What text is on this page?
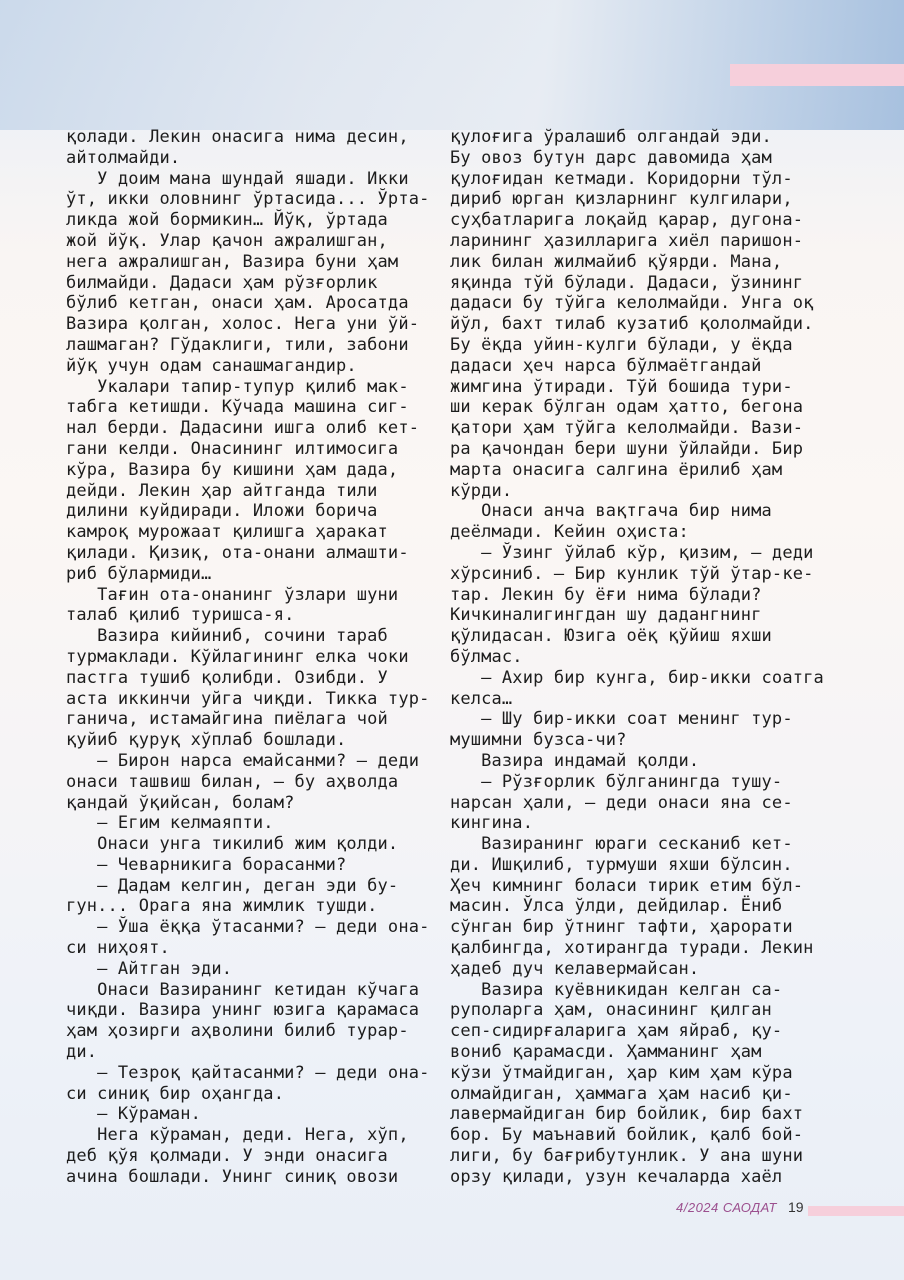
қолади. Лекин онасига нима десин,
айтолмайди.
У доим мана шундай яшади. Икки
ўт, икки оловнинг ўртасида... Ўрта-
ликда жой бормикин… Йўқ, ўртада
жой йўқ. Улар қачон ажралишган,
нега ажралишган, Вазира буни ҳам
билмайди. Дадаси ҳам рўзғорлик
бўлиб кетган, онаси ҳам. Аросатда
Вазира қолган, холос. Нега уни ўй-
лашмаган? Гўдаклиги, тили, забони
йўқ учун одам санашмагандир.
Укалари тапир-тупур қилиб мак-
табга кетишди. Кўчада машина сиг-
нал берди. Дадасини ишга олиб кет-
гани келди. Онасининг илтимосига
кўра, Вазира бу кишини ҳам дада,
дейди. Лекин ҳар айтганда тили
дилини куйдиради. Иложи борича
камроқ мурожаат қилишга ҳаракат
қилади. Қизиқ, ота-онани алмашти-
риб бўлармиди…
Тағин ота-онанинг ўзлари шуни
талаб қилиб туришса-я.
Вазира кийиниб, сочини тараб
турмаклади. Кўйлагининг елка чоки
пастга тушиб қолибди. Озибди. У
аста иккинчи уйга чиқди. Тикка тур-
ганича, истамайгина пиёлага чой
қуйиб қуруқ хўплаб бошлади.
– Бирон нарса емайсанми? – деди
онаси ташвиш билан, – бу аҳволда
қандай ўқийсан, болам?
– Егим келмаяпти.
Онаси унга тикилиб жим қолди.
– Чеварникига борасанми?
– Дадам келгин, деган эди бу-
гун... Орага яна жимлик тушди.
– Ўша ёққа ўтасанми? – деди она-
си ниҳоят.
– Айтган эди.
Онаси Вазиранинг кетидан кўчага
чиқди. Вазира унинг юзига қарамаса
ҳам ҳозирги аҳволини билиб турар-
ди.
– Тезроқ қайтасанми? – деди она-
си синиқ бир оҳангда.
– Кўраман.
Нега кўраман, деди. Нега, хўп,
деб қўя қолмади. У энди онасига
ачина бошлади. Унинг синиқ овози
қулоғига ўралашиб олгандай эди.
Бу овоз бутун дарс давомида ҳам
қулоғидан кетмади. Коридорни тўл-
дириб юрган қизларнинг кулгилари,
суҳбатларига лоқайд қарар, дугона-
ларининг ҳазилларига хиёл паришон-
лик билан жилмайиб қўярди. Мана,
яқинда тўй бўлади. Дадаси, ўзининг
дадаси бу тўйга келолмайди. Унга оқ
йўл, бахт тилаб кузатиб қололмайди.
Бу ёқда уйин-кулги бўлади, у ёқда
дадаси ҳеч нарса бўлмаётгандай
жимгина ўтиради. Тўй бошида тури-
ши керак бўлган одам ҳатто, бегона
қатори ҳам тўйга келолмайди. Вази-
ра қачондан бери шуни ўйлайди. Бир
марта онасига салгина ёрилиб ҳам
кўрди.
Онаси анча вақтгача бир нима
деёлмади. Кейин оҳиста:
– Ўзинг ўйлаб кўр, қизим, – деди
хўрсиниб. – Бир кунлик тўй ўтар-ке-
тар. Лекин бу ёғи нима бўлади?
Кичкиналигингдан шу дадангнинг
қўлидасан. Юзига оёқ қўйиш яхши
бўлмас.
– Ахир бир кунга, бир-икки соатга
келса…
– Шу бир-икки соат менинг тур-
мушимни бузса-чи?
Вазира индамай қолди.
– Рўзғорлик бўлганингда тушу-
нарсан ҳали, – деди онаси яна се-
кингина.
Вазиранинг юраги сесканиб кет-
ди. Ишқилиб, турмуши яхши бўлсин.
Ҳеч кимнинг боласи тирик етим бўл-
масин. Ўлса ўлди, дейдилар. Ёниб
сўнган бир ўтнинг тафти, ҳарорати
қалбингда, хотирангда туради. Лекин
ҳадеб дуч келавермайсан.
Вазира куёвникидан келган са-
руполарга ҳам, онасининг қилган
сеп-сидирғаларига ҳам яйраб, қу-
вониб қарамасди. Ҳамманинг ҳам
кўзи ўтмайдиган, ҳар ким ҳам кўра
олмайдиган, ҳаммага ҳам насиб қи-
лавермайдиган бир бойлик, бир бахт
бор. Бу маънавий бойлик, қалб бой-
лиги, бу бағрибутунлик. У ана шуни
орзу қилади, узун кечаларда хаёл
4/2024 САОДАТ 19
